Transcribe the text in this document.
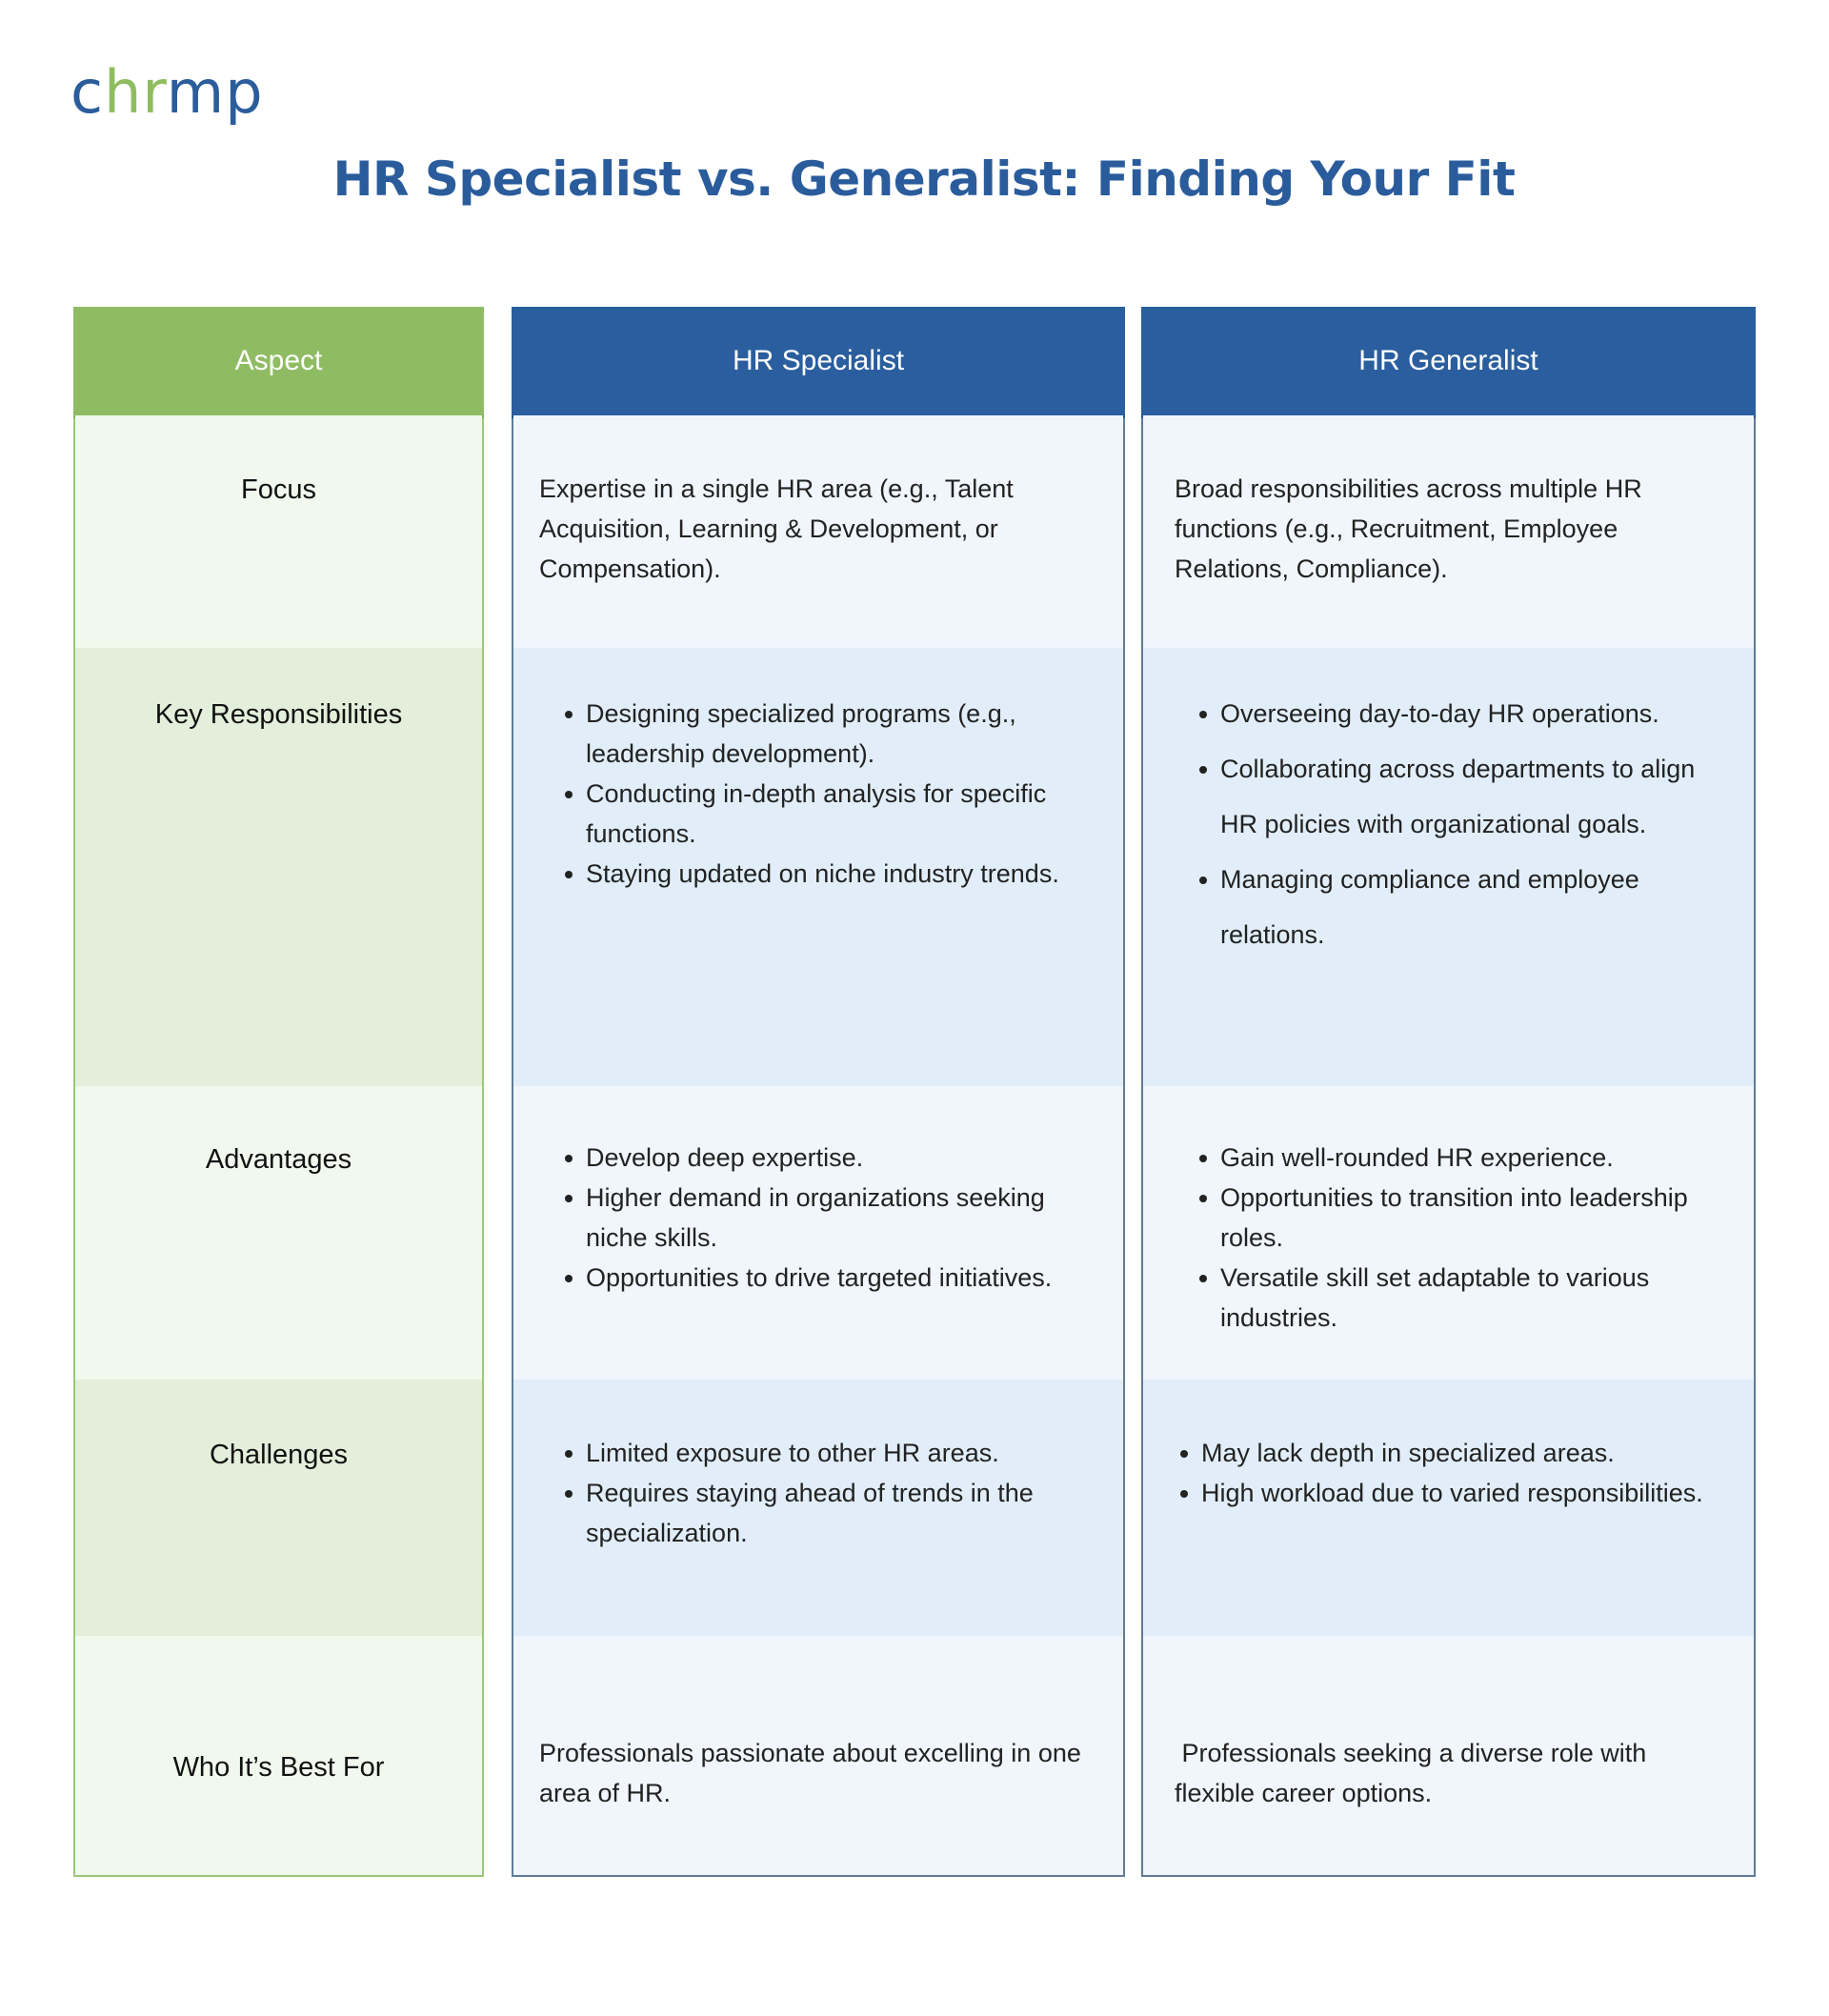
chrmp
HR Specialist vs. Generalist: Finding Your Fit
Aspect
Focus
Key Responsibilities
Advantages
Challenges
Who It’s Best For
HR Specialist
Expertise in a single HR area (e.g., Talent Acquisition, Learning & Development, or Compensation).
Designing specialized programs (e.g., leadership development).
Conducting in-depth analysis for specific functions.
Staying updated on niche industry trends.
Develop deep expertise.
Higher demand in organizations seeking niche skills.
Opportunities to drive targeted initiatives.
Limited exposure to other HR areas.
Requires staying ahead of trends in the specialization.
Professionals passionate about excelling in one area of HR.
HR Generalist
Broad responsibilities across multiple HR functions (e.g., Recruitment, Employee Relations, Compliance).
Overseeing day-to-day HR operations.
Collaborating across departments to align HR policies with organizational goals.
Managing compliance and employee relations.
Gain well-rounded HR experience.
Opportunities to transition into leadership roles.
Versatile skill set adaptable to various industries.
May lack depth in specialized areas.
High workload due to varied responsibilities.
Professionals seeking a diverse role with flexible career options.
